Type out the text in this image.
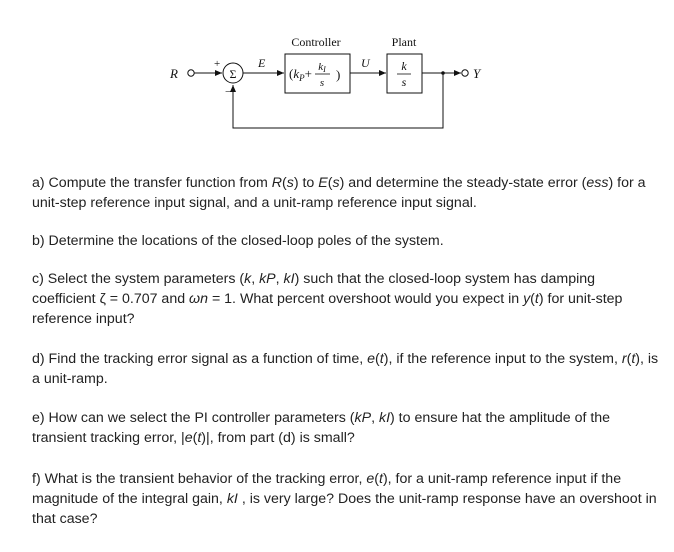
R	Σ
+
−
E
Controller
($k_P+$ kI
s
)
U
Plant
k
s
Y

a) Compute the transfer function from R(s) to E(s) and determine the steady-state error (ess) for a unit-step reference input signal, and a unit-ramp reference input signal.

b) Determine the locations of the closed-loop poles of the system.

c) Select the system parameters (k, kP, kI) such that the closed-loop system has damping coefficient ζ = 0.707 and ωn = 1. What percent overshoot would you expect in y(t) for unit-step reference input?

d) Find the tracking error signal as a function of time, e(t), if the reference input to the system, r(t), is a unit-ramp.

e) How can we select the PI controller parameters (kP, kI) to ensure hat the amplitude of the transient tracking error, |e(t)|, from part (d) is small?

f) What is the transient behavior of the tracking error, e(t), for a unit-ramp reference input if the magnitude of the integral gain, kI , is very large? Does the unit-ramp response have an overshoot in that case?
